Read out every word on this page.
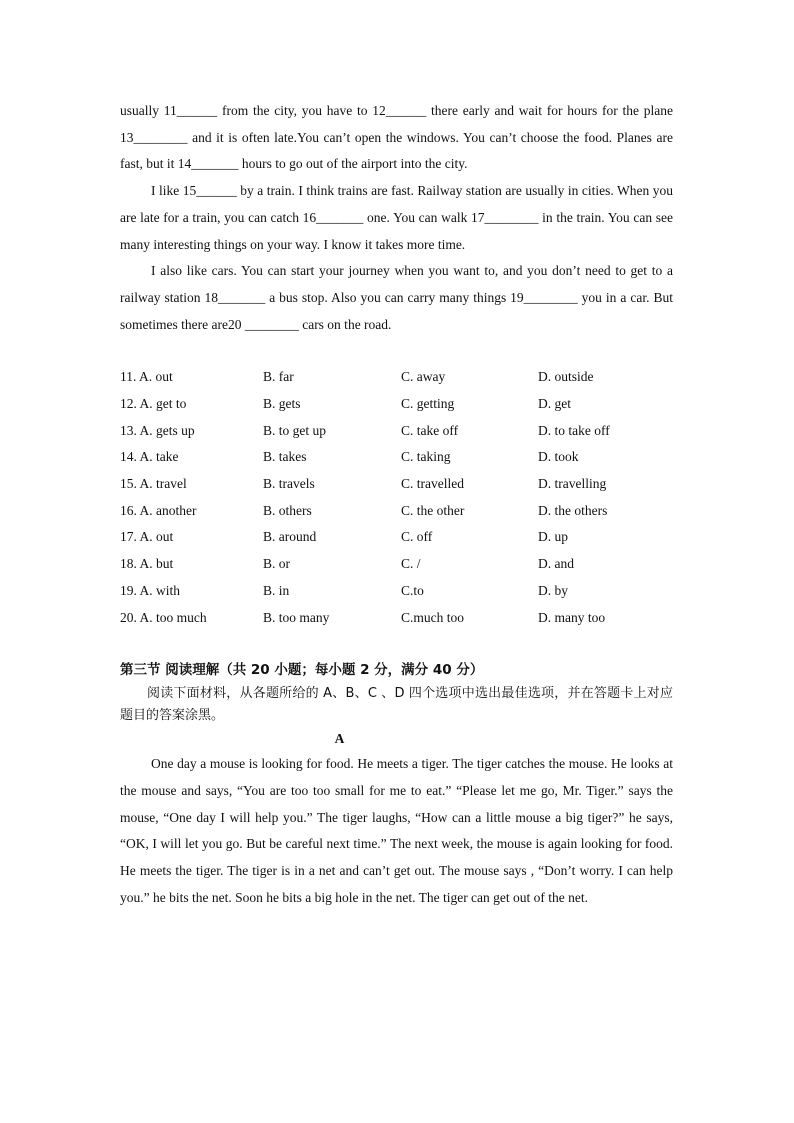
usually 11______ from the city, you have to 12______ there early and wait for hours for the plane 13________ and it is often late.You can’t open the windows. You can’t choose the food. Planes are fast, but it 14_______ hours to go out of the airport into the city.

I like 15______ by a train. I think trains are fast. Railway station are usually in cities. When you are late for a train, you can catch 16_______ one. You can walk 17________ in the train. You can see many interesting things on your way. I know it takes more time.

I also like cars. You can start your journey when you want to, and you don’t need to get to a railway station 18_______ a bus stop. Also you can carry many things 19________ you in a car. But sometimes there are20 ________ cars on the road.

11. A. out	B. far	C. away	D. outside
12. A. get to	B. gets	C. getting	D. get
13. A. gets up	B. to get up	C. take off	D. to take off
14. A. take	B. takes	C. taking	D. took
15. A. travel	B. travels	C. travelled	D. travelling
16. A. another	B. others	C. the other	D. the others
17. A. out	B. around	C. off	D. up
18. A. but	B. or	C. /	D. and
19. A. with	B. in	C.to	D. by
20. A. too much	B. too many	C.much too	D. many too
第三节 阅读理解（共 20 小题；每小题 2 分，满分 40 分）

阅读下面材料，从各题所给的 A、B、C 、D 四个选项中选出最佳选项，并在答题卡上对应题目的答案涂黑。

A

One day a mouse is looking for food. He meets a tiger. The tiger catches the mouse. He looks at the mouse and says, “You are too too small for me to eat.” “Please let me go, Mr. Tiger.” says the mouse, “One day I will help you.” The tiger laughs, “How can a little mouse a big tiger?” he says, “OK, I will let you go. But be careful next time.” The next week, the mouse is again looking for food. He meets the tiger. The tiger is in a net and can’t get out. The mouse says , “Don’t worry. I can help you.” he bits the net. Soon he bits a big hole in the net. The tiger can get out of the net.
